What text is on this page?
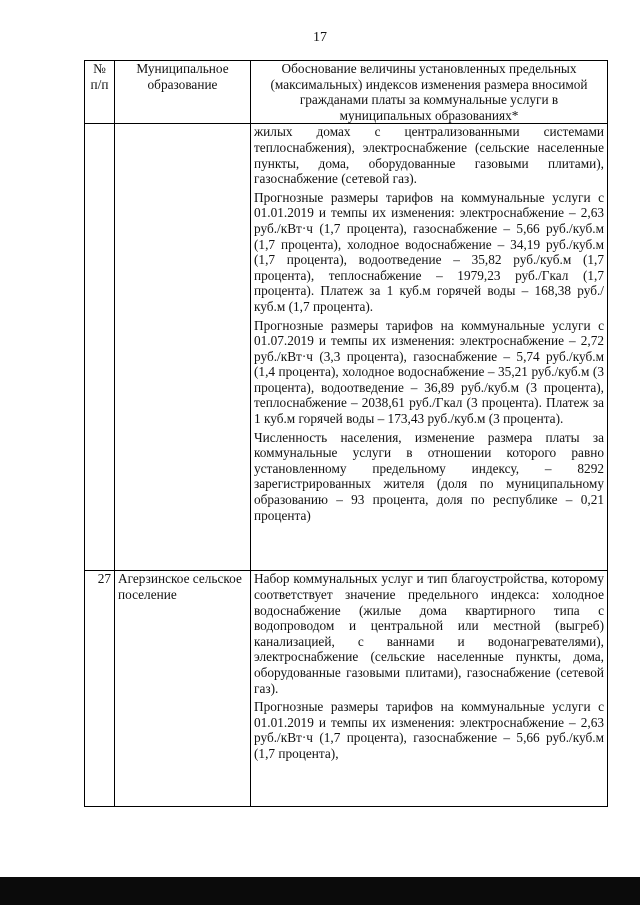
17
№ п/п	Муниципальное образование	Обоснование величины установленных предельных (максимальных) индексов изменения размера вносимой гражданами платы за коммунальные услуги в муниципальных образованиях*

		жилых домах с централизованными системами теплоснабжения), электроснабжение (сельские населенные пункты, дома, оборудованные газовыми плитами), газоснабжение (сетевой газ).

Прогнозные размеры тарифов на коммунальные услуги с 01.01.2019 и темпы их изменения: электроснабжение – 2,63 руб./кВт·ч (1,7 процента), газоснабжение – 5,66 руб./куб.м (1,7 процента), холодное водоснабжение – 34,19 руб./куб.м (1,7 процента), водоотведение – 35,82 руб./куб.м (1,7 процента), теплоснабжение – 1979,23 руб./Гкал (1,7 процента). Платеж за 1 куб.м горячей воды – 168,38 руб./куб.м (1,7 процента).

Прогнозные размеры тарифов на коммунальные услуги с 01.07.2019 и темпы их изменения: электроснабжение – 2,72 руб./кВт·ч (3,3 процента), газоснабжение – 5,74 руб./куб.м (1,4 процента), холодное водоснабжение – 35,21 руб./куб.м (3 процента), водоотведение – 36,89 руб./куб.м (3 процента), теплоснабжение – 2038,61 руб./Гкал (3 процента). Платеж за 1 куб.м горячей воды – 173,43 руб./куб.м (3 процента).

Численность населения, изменение размера платы за коммунальные услуги в отношении которого равно установленному предельному индексу, – 8292 зарегистрированных жителя (доля по муниципальному образованию – 93 процента, доля по республике – 0,21 процента)

27	Агерзинское сельское поселение	Набор коммунальных услуг и тип благоустройства, которому соответствует значение предельного индекса: холодное водоснабжение (жилые дома квартирного типа с водопроводом и центральной или местной (выгреб) канализацией, с ваннами и водонагревателями), электроснабжение (сельские населенные пункты, дома, оборудованные газовыми плитами), газоснабжение (сетевой газ).

Прогнозные размеры тарифов на коммунальные услуги с 01.01.2019 и темпы их изменения: электроснабжение – 2,63 руб./кВт·ч (1,7 процента), газоснабжение – 5,66 руб./куб.м (1,7 процента),
